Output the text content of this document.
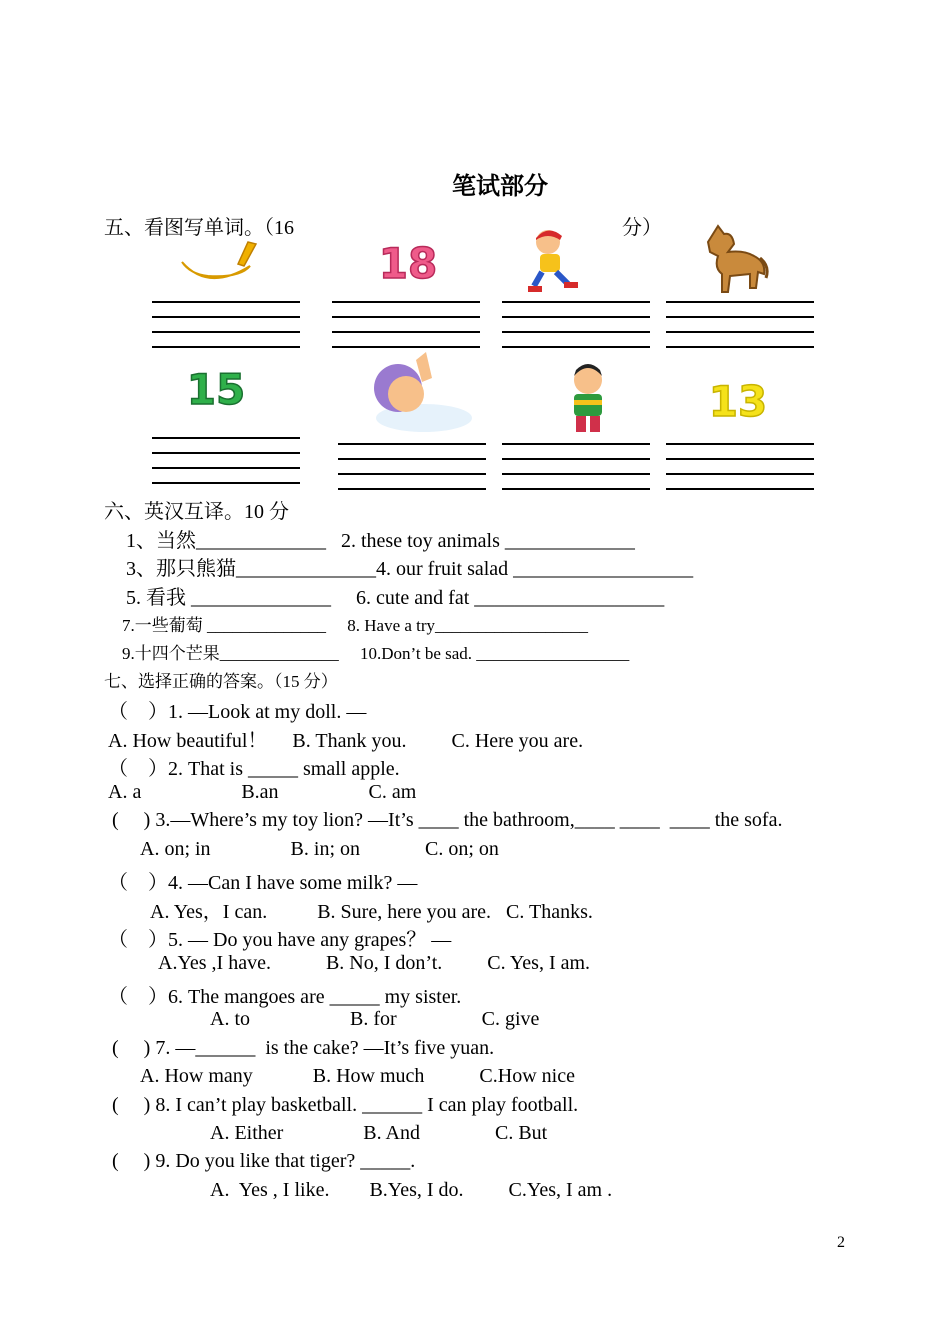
笔试部分
五、看图写单词。（16	分）
18
15	13
六、英汉互译。10 分
1、当然_____________   2. these toy animals _____________
3、那只熊猫______________4. our fruit salad __________________
5. 看我 ______________     6. cute and fat ___________________
7.一些葡萄 ______________     8. Have a try__________________
9.十四个芒果______________     10.Don’t be sad. __________________
七、选择正确的答案。（15 分）
（    ）1. —Look at my doll. —
A. How beautiful！     B. Thank you.         C. Here you are.
（    ）2. That is _____ small apple.
A. a                    B.an                  C. am
(     ) 3.—Where’s my toy lion? —It’s ____ the bathroom,____ ____  ____ the sofa.
A. on; in                B. in; on             C. on; on
（    ）4. —Can I have some milk? —
A. Yes，I can.          B. Sure, here you are.   C. Thanks.
（    ）5. — Do you have any grapes？ —
A.Yes ,I have.           B. No, I don’t.         C. Yes, I am.
（    ）6. The mangoes are _____ my sister.
A. to                    B. for                 C. give
(     ) 7. —______  is the cake? —It’s five yuan.
A. How many            B. How much           C.How nice
(     ) 8. I can’t play basketball. ______ I can play football.
A. Either                B. And               C. But
(     ) 9. Do you like that tiger? _____.
A.  Yes , I like.        B.Yes, I do.         C.Yes, I am .
2
